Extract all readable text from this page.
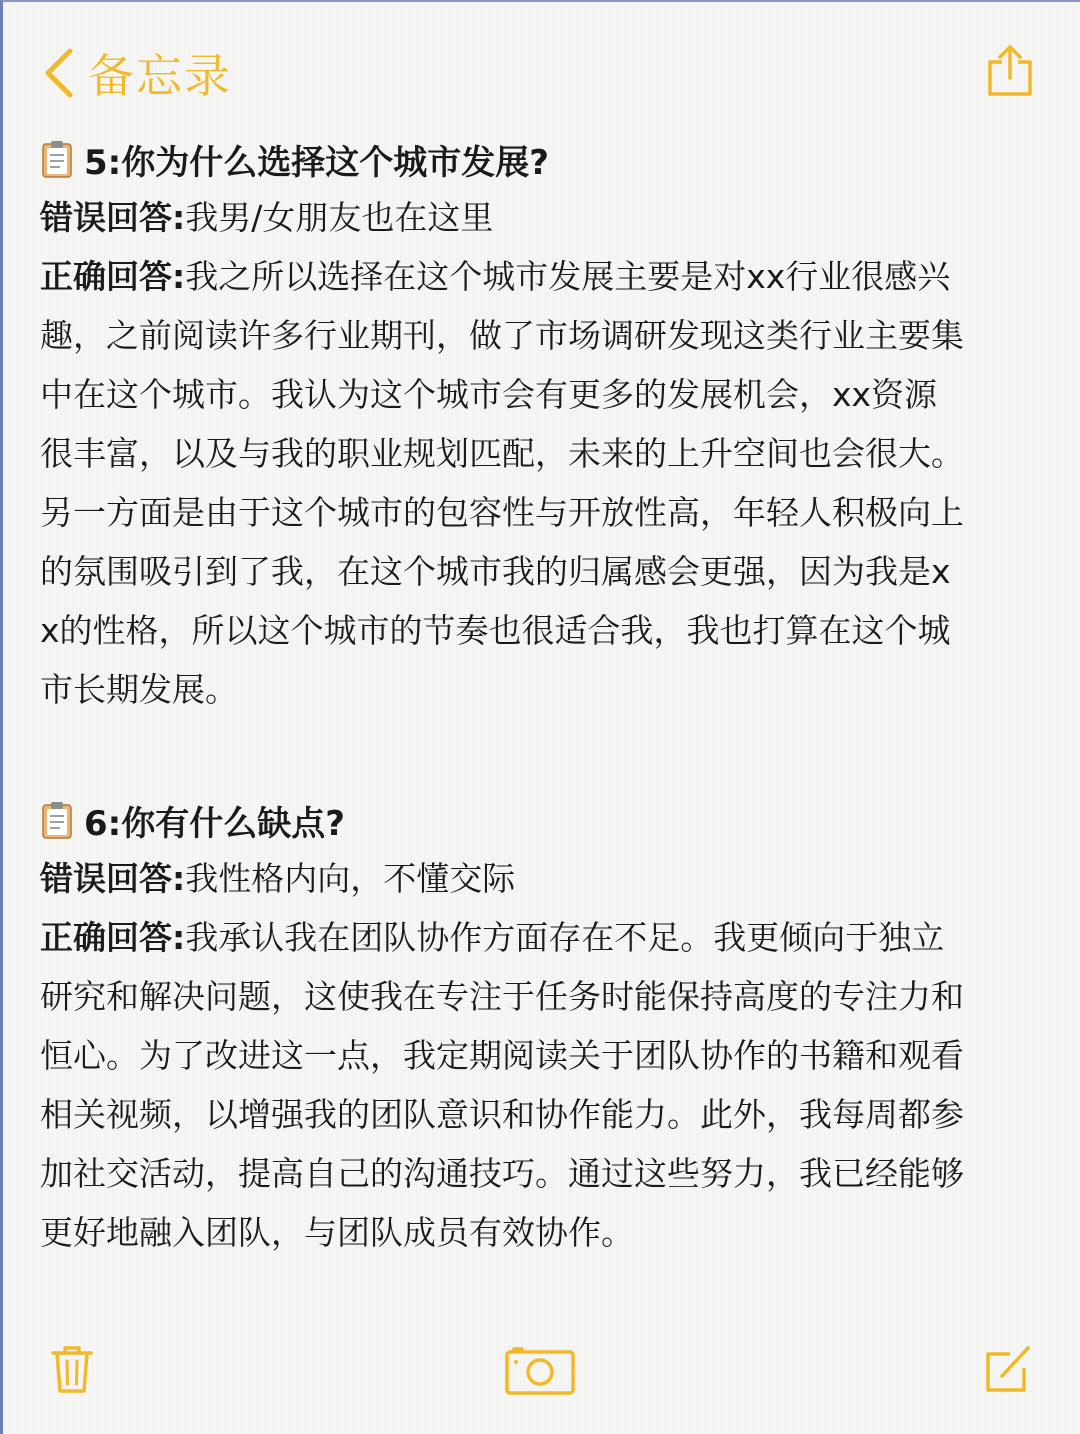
备忘录
5:你为什么选择这个城市发展?

错误回答:我男/女朋友也在这里

正确回答:我之所以选择在这个城市发展主要是对xx行业很感兴趣，之前阅读许多行业期刊，做了市场调研发现这类行业主要集中在这个城市。我认为这个城市会有更多的发展机会，xx资源很丰富，以及与我的职业规划匹配，未来的上升空间也会很大。另一方面是由于这个城市的包容性与开放性高，年轻人积极向上的氛围吸引到了我，在这个城市我的归属感会更强，因为我是xx的性格，所以这个城市的节奏也很适合我，我也打算在这个城市长期发展。

6:你有什么缺点?

错误回答:我性格内向，不懂交际

正确回答:我承认我在团队协作方面存在不足。我更倾向于独立研究和解决问题，这使我在专注于任务时能保持高度的专注力和恒心。为了改进这一点，我定期阅读关于团队协作的书籍和观看相关视频，以增强我的团队意识和协作能力。此外，我每周都参加社交活动，提高自己的沟通技巧。通过这些努力，我已经能够更好地融入团队，与团队成员有效协作。
